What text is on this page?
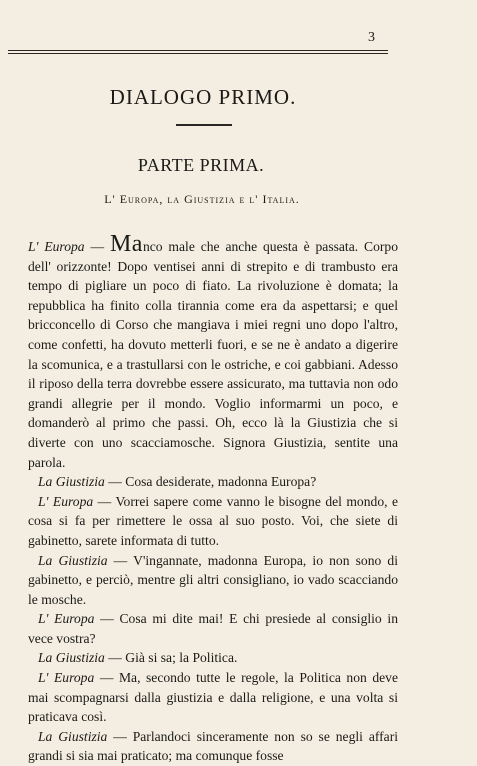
3
DIALOGO PRIMO.
PARTE PRIMA.
L' Europa, la Giustizia e l' Italia.

L' Europa — Manco male che anche questa è passata. Corpo dell' orizzonte! Dopo ventisei anni di strepito e di trambusto era tempo di pigliare un poco di fiato. La rivoluzione è domata; la repubblica ha finito colla tirannia come era da aspettarsi; e quel bricconcello di Corso che mangiava i miei regni uno dopo l'altro, come confetti, ha dovuto metterli fuori, e se ne è andato a digerire la scomunica, e a trastullarsi con le ostriche, e coi gabbiani. Adesso il riposo della terra dovrebbe essere assicurato, ma tuttavia non odo grandi allegrie per il mondo. Voglio informarmi un poco, e domanderò al primo che passi. Oh, ecco là la Giustizia che si diverte con uno scacciamosche. Signora Giustizia, sentite una parola.

La Giustizia — Cosa desiderate, madonna Europa?

L' Europa — Vorrei sapere come vanno le bisogne del mondo, e cosa si fa per rimettere le ossa al suo posto. Voi, che siete di gabinetto, sarete informata di tutto.

La Giustizia — V'ingannate, madonna Europa, io non sono di gabinetto, e perciò, mentre gli altri consigliano, io vado scacciando le mosche.

L' Europa — Cosa mi dite mai! E chi presiede al consiglio in vece vostra?

La Giustizia — Già si sa; la Politica.

L' Europa — Ma, secondo tutte le regole, la Politica non deve mai scompagnarsi dalla giustizia e dalla religione, e una volta si praticava così.

La Giustizia — Parlandoci sinceramente non so se negli affari grandi si sia mai praticato; ma comunque fosse
